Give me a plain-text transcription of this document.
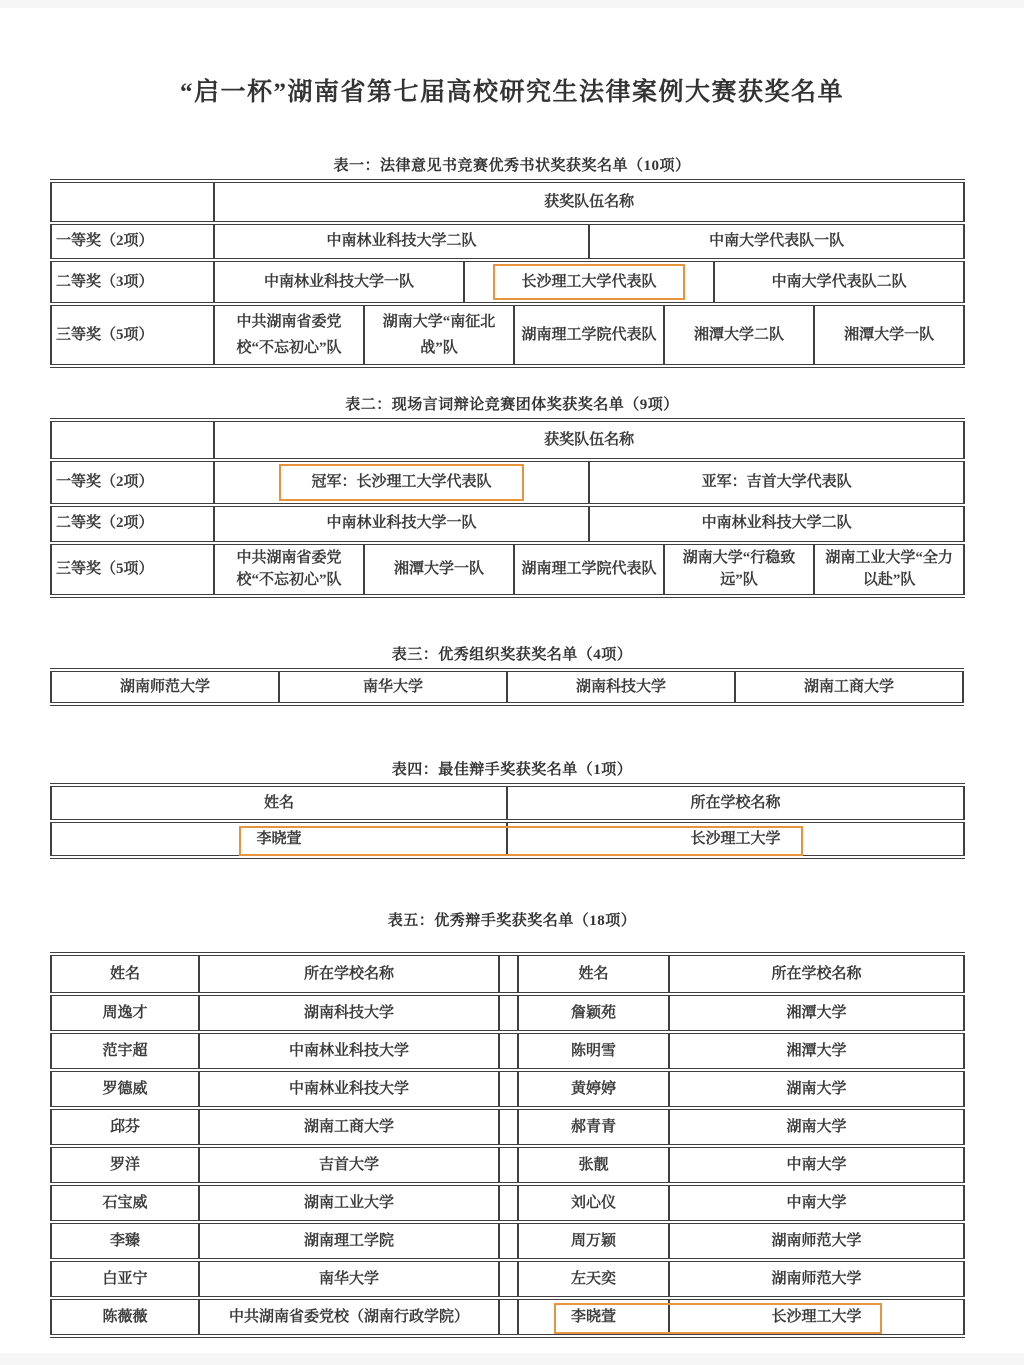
“启一杯”湖南省第七届高校研究生法律案例大赛获奖名单
表一：法律意见书竞赛优秀书状奖获奖名单（10项）
	获奖队伍名称							
一等奖（2项）	中南林业科技大学二队				中南大学代表队一队			
二等奖（3项）	中南林业科技大学一队		长沙理工大学代表队				中南大学代表队二队	
三等奖（5项）	中共湖南省委党校“不忘初心”队	湖南大学“南征北战”队		湖南理工学院代表队		湘潭大学二队		湘潭大学一队
表二：现场言词辩论竞赛团体奖获奖名单（9项）
	获奖队伍名称					
一等奖（2项）	冠军：长沙理工大学代表队			亚军：吉首大学代表队		
二等奖（2项）	中南林业科技大学一队			中南林业科技大学二队		
三等奖（5项）	中共湖南省委党校“不忘初心”队	湘潭大学一队	湖南理工学院代表队		湖南大学“行稳致远”队	湖南工业大学“全力以赴”队
表三：优秀组织奖获奖名单（4项）
湖南师范大学	南华大学	湖南科技大学	湖南工商大学
表四：最佳辩手奖获奖名单（1项）
姓名	所在学校名称
李晓萱	长沙理工大学
表五：优秀辩手奖获奖名单（18项）
姓名	所在学校名称		姓名	所在学校名称
周逸才	湖南科技大学		詹颖苑	湘潭大学
范宇超	中南林业科技大学		陈明雪	湘潭大学
罗德威	中南林业科技大学		黄婷婷	湖南大学
邱芬	湖南工商大学		郝青青	湖南大学
罗洋	吉首大学		张靓	中南大学
石宝威	湖南工业大学		刘心仪	中南大学
李臻	湖南理工学院		周万颖	湖南师范大学
白亚宁	南华大学		左天奕	湖南师范大学
陈薇薇	中共湖南省委党校（湖南行政学院）		李晓萱	长沙理工大学
